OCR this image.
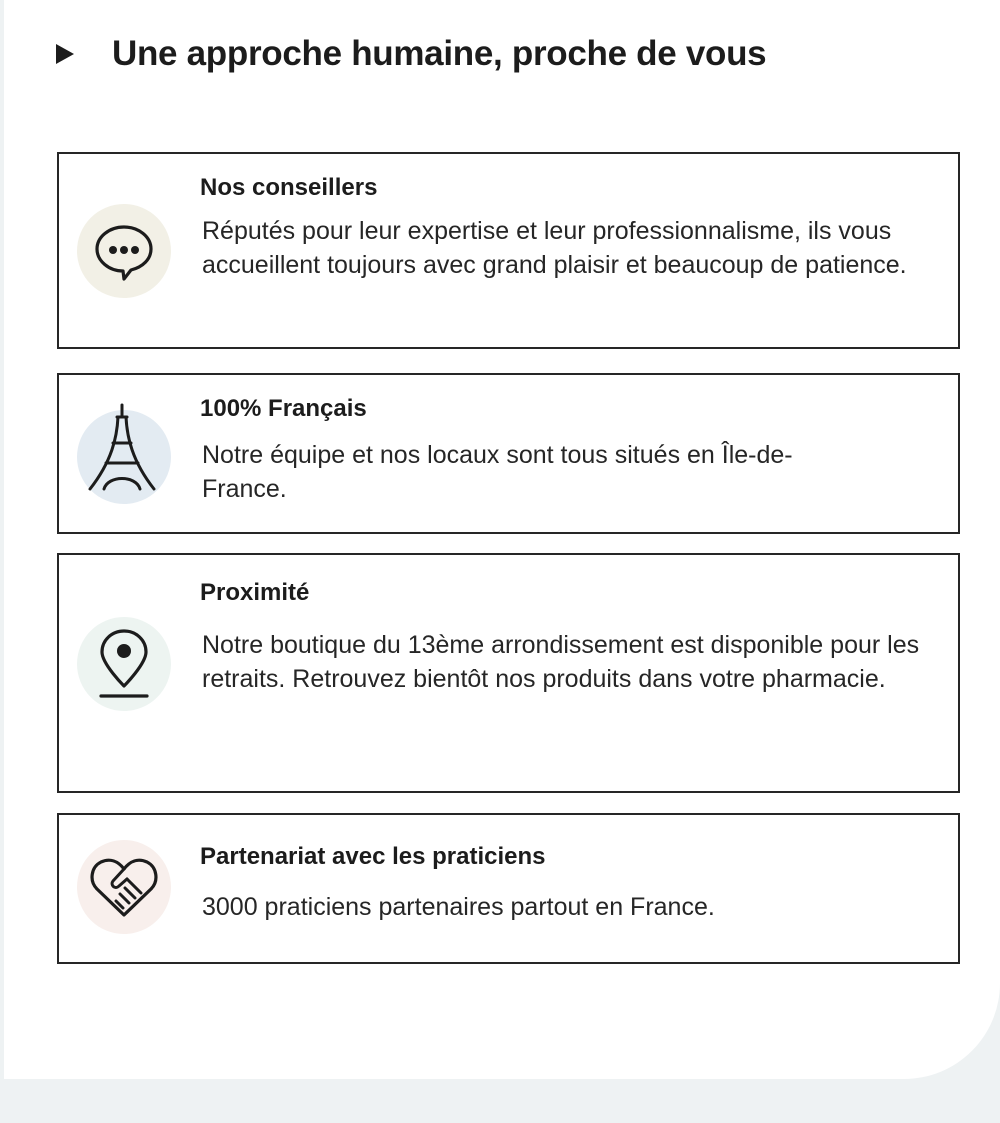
Une approche humaine, proche de vous
Nos conseillers

Réputés pour leur expertise et leur professionnalisme, ils vous accueillent toujours avec grand plaisir et beaucoup de patience.

100% Français

Notre équipe et nos locaux sont tous situés en Île-de-France.

Proximité

Notre boutique du 13ème arrondissement est disponible pour les retraits. Retrouvez bientôt nos produits dans votre pharmacie.

Partenariat avec les praticiens

3000 praticiens partenaires partout en France.
